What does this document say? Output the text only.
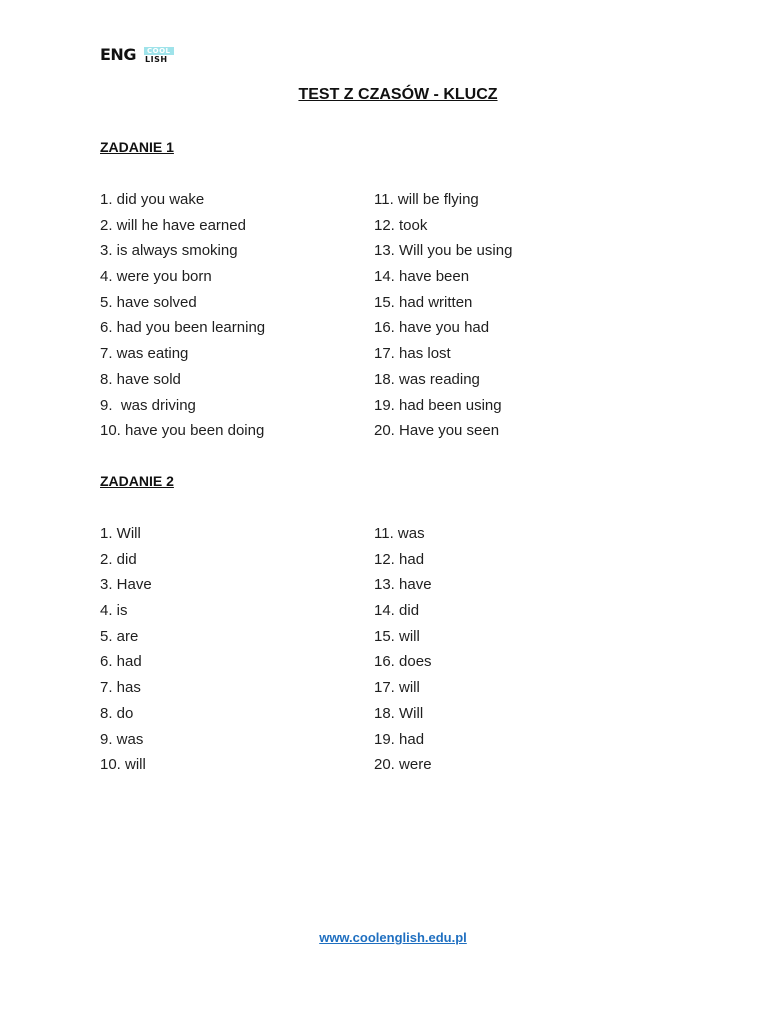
ENG	COOL
LISH
TEST Z CZASÓW - KLUCZ
ZADANIE 1
1. did you wake
2. will he have earned
3. is always smoking
4. were you born
5. have solved
6. had you been learning
7. was eating
8. have sold
9.  was driving
10. have you been doing
11. will be flying
12. took
13. Will you be using
14. have been
15. had written
16. have you had
17. has lost
18. was reading
19. had been using
20. Have you seen
ZADANIE 2
1. Will
2. did
3. Have
4. is
5. are
6. had
7. has
8. do
9. was
10. will
11. was
12. had
13. have
14. did
15. will
16. does
17. will
18. Will
19. had
20. were
www.coolenglish.edu.pl
